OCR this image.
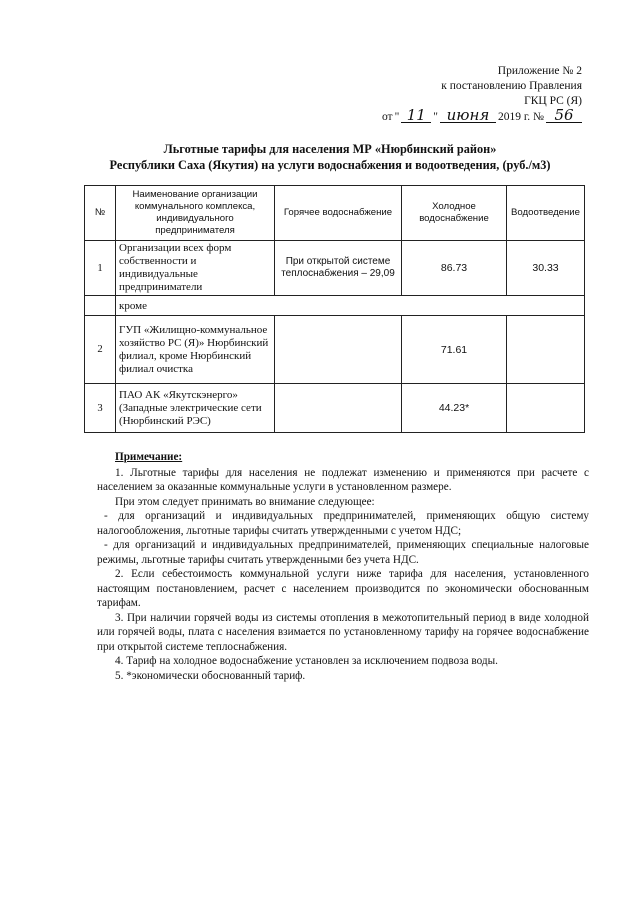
Приложение № 2
к постановлению Правления
ГКЦ РС (Я)
от " 11 " июня 2019 г. № 56
Льготные тарифы для населения МР «Нюрбинский район»
Республики Саха (Якутия) на услуги водоснабжения и водоотведения, (руб./м3)
№	Наименование организации коммунального комплекса, индивидуального предпринимателя	Горячее водоснабжение	Холодное водоснабжение	Водоотведение
1	Организации всех форм собственности и индивидуальные предприниматели	При открытой системе теплоснабжения – 29,09	86.73	30.33
	кроме			
2	ГУП «Жилищно-коммунальное хозяйство РС (Я)» Нюрбинский филиал, кроме Нюрбинский филиал очистка		71.61	
3	ПАО АК «Якутскэнерго» (Западные электрические сети (Нюрбинский РЭС)		44.23*	

Примечание:

1. Льготные тарифы для населения не подлежат изменению и применяются при расчете с населением за оказанные коммунальные услуги в установленном размере.

При этом следует принимать во внимание следующее:

- для организаций и индивидуальных предпринимателей, применяющих общую систему налогообложения, льготные тарифы считать утвержденными с учетом НДС;

- для организаций и индивидуальных предпринимателей, применяющих специальные налоговые режимы, льготные тарифы считать утвержденными без учета НДС.

2. Если себестоимость коммунальной услуги ниже тарифа для населения, установленного настоящим постановлением, расчет с населением производится по экономически обоснованным тарифам.

3. При наличии горячей воды из системы отопления в межотопительный период в виде холодной или горячей воды, плата с населения взимается по установленному тарифу на горячее водоснабжение при открытой системе теплоснабжения.

4. Тариф на холодное водоснабжение установлен за исключением подвоза воды.

5. *экономически обоснованный тариф.
